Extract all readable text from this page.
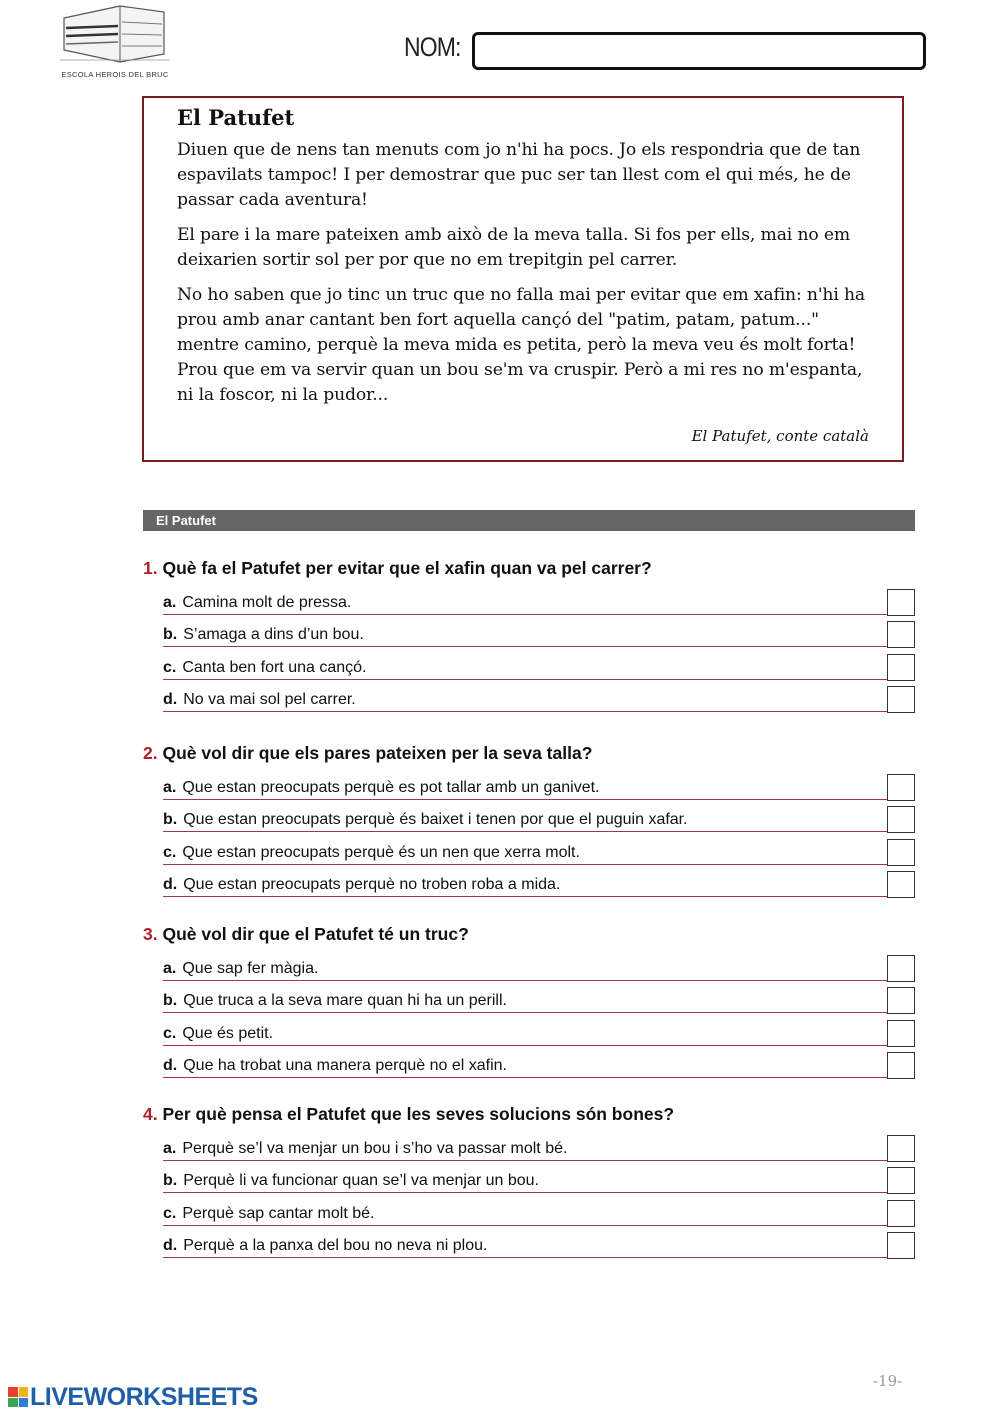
ESCOLA HEROIS DEL BRUC
NOM:
El Patufet

Diuen que de nens tan menuts com jo n'hi ha pocs. Jo els respondria que de tan espavilats tampoc! I per demostrar que puc ser tan llest com el qui més, he de passar cada aventura!

El pare i la mare pateixen amb això de la meva talla. Si fos per ells, mai no em deixarien sortir sol per por que no em trepitgin pel carrer.

No ho saben que jo tinc un truc que no falla mai per evitar que em xafin: n'hi ha prou amb anar cantant ben fort aquella cançó del "patim, patam, patum..." mentre camino, perquè la meva mida es petita, però la meva veu és molt forta! Prou que em va servir quan un bou se'm va cruspir. Però a mi res no m'espanta, ni la foscor, ni la pudor...

El Patufet, conte català
El Patufet
1. Què fa el Patufet per evitar que el xafin quan va pel carrer?
a. Camina molt de pressa.
b. S’amaga a dins d’un bou.
c. Canta ben fort una cançó.
d. No va mai sol pel carrer.
2. Què vol dir que els pares pateixen per la seva talla?
a. Que estan preocupats perquè es pot tallar amb un ganivet.
b. Que estan preocupats perquè és baixet i tenen por que el puguin xafar.
c. Que estan preocupats perquè és un nen que xerra molt.
d. Que estan preocupats perquè no troben roba a mida.
3. Què vol dir que el Patufet té un truc?
a. Que sap fer màgia.
b. Que truca a la seva mare quan hi ha un perill.
c. Que és petit.
d. Que ha trobat una manera perquè no el xafin.
4. Per què pensa el Patufet que les seves solucions són bones?
a. Perquè se’l va menjar un bou i s’ho va passar molt bé.
b. Perquè li va funcionar quan se’l va menjar un bou.
c. Perquè sap cantar molt bé.
d. Perquè a la panxa del bou no neva ni plou.
-19-
LIVEWORKSHEETS
